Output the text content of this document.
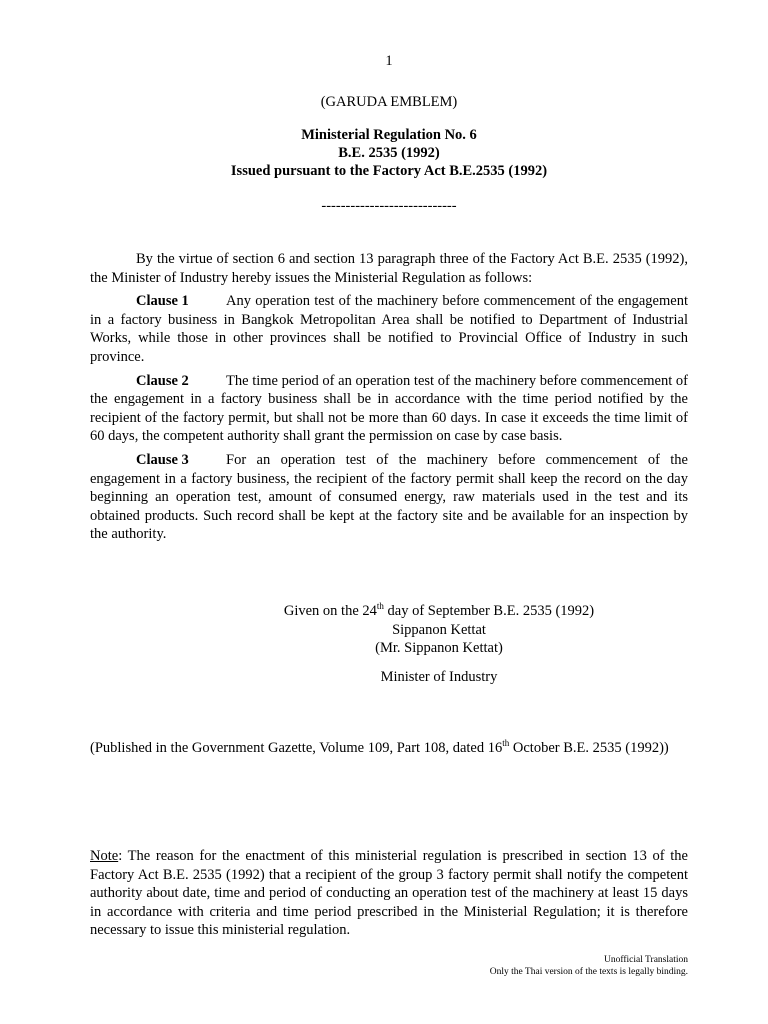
1
(GARUDA EMBLEM)
Ministerial Regulation No. 6
B.E. 2535 (1992)
Issued pursuant to the Factory Act B.E.2535 (1992)
----------------------------

By the virtue of section 6 and section 13 paragraph three of the Factory Act B.E. 2535 (1992), the Minister of Industry hereby issues the Ministerial Regulation as follows:

Clause 1	Any operation test of the machinery before commencement of the engagement in a factory business in Bangkok Metropolitan Area shall be notified to Department of Industrial Works, while those in other provinces shall be notified to Provincial Office of Industry in such province.

Clause 2	The time period of an operation test of the machinery before commencement of the engagement in a factory business shall be in accordance with the time period notified by the recipient of the factory permit, but shall not be more than 60 days. In case it exceeds the time limit of 60 days, the competent authority shall grant the permission on case by case basis.

Clause 3	For an operation test of the machinery before commencement of the engagement in a factory business, the recipient of the factory permit shall keep the record on the day beginning an operation test, amount of consumed energy, raw materials used in the test and its obtained products. Such record shall be kept at the factory site and be available for an inspection by the authority.

Given on the 24th day of September B.E. 2535 (1992)
Sippanon Kettat
(Mr. Sippanon Kettat)
Minister of Industry
(Published in the Government Gazette, Volume 109, Part 108, dated 16th October B.E. 2535 (1992))
Note: The reason for the enactment of this ministerial regulation is prescribed in section 13 of the Factory Act B.E. 2535 (1992) that a recipient of the group 3 factory permit shall notify the competent authority about date, time and period of conducting an operation test of the machinery at least 15 days in accordance with criteria and time period prescribed in the Ministerial Regulation; it is therefore necessary to issue this ministerial regulation.
Unofficial Translation
Only the Thai version of the texts is legally binding.
